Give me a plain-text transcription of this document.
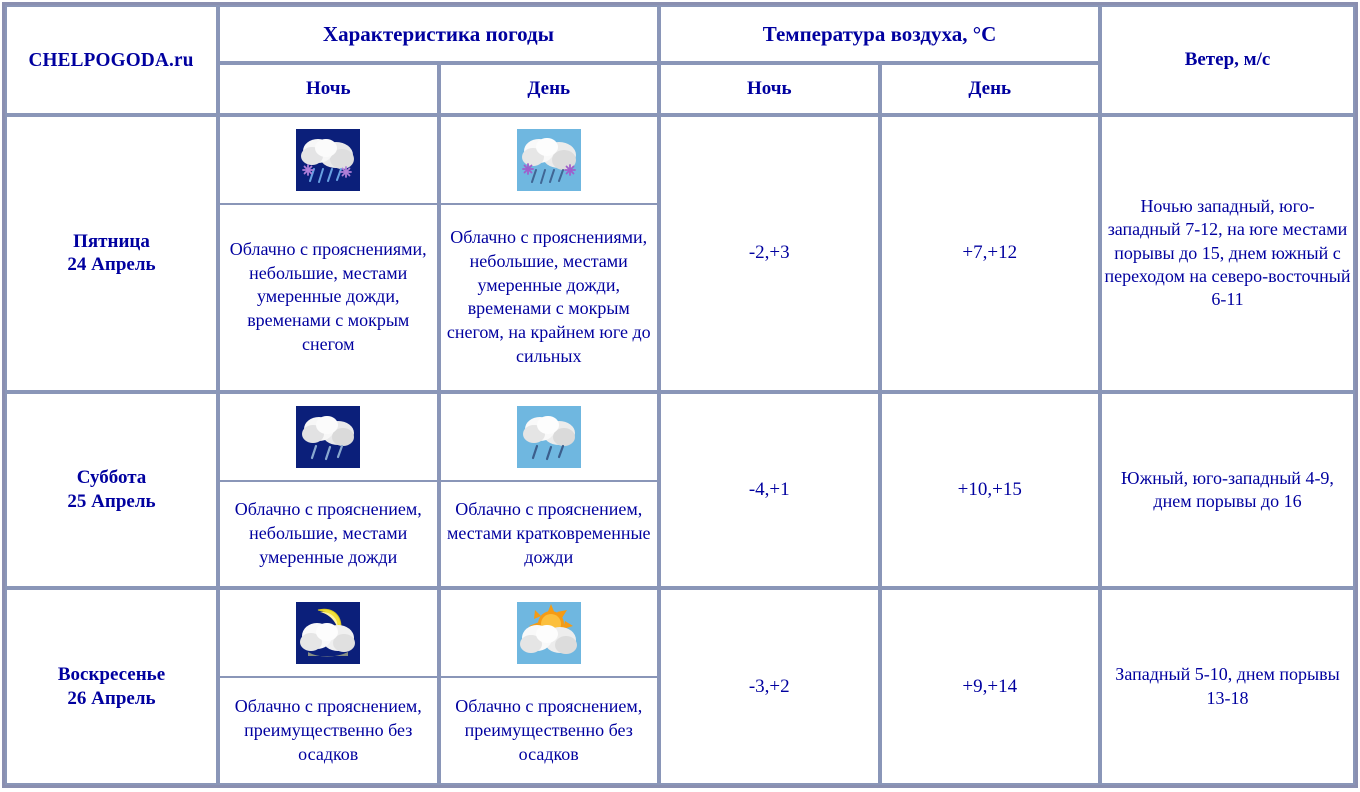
CHELPOGODA.ru	Характеристика погоды		Температура воздуха, °C		Ветер, м/с
	Ночь	День	Ночь	День	

Пятница
24 Апрель	Облачно с прояснениями, небольшие, местами умеренные дожди, временами с мокрым снегом	Облачно с прояснениями, небольшие, местами умеренные дожди, временами с мокрым снегом, на крайнем юге до сильных	-2,+3	+7,+12	Ночью западный, юго-западный 7-12, на юге местами порывы до 15, днем южный с переходом на северо-восточный 6-11

Суббота
25 Апрель	Облачно с прояснением, небольшие, местами умеренные дожди	Облачно с прояснением, местами кратковременные дожди	-4,+1	+10,+15	Южный, юго-западный 4-9, днем порывы до 16

Воскресенье
26 Апрель	Облачно с прояснением, преимущественно без осадков	Облачно с прояснением, преимущественно без осадков	-3,+2	+9,+14	Западный 5-10, днем порывы 13-18
